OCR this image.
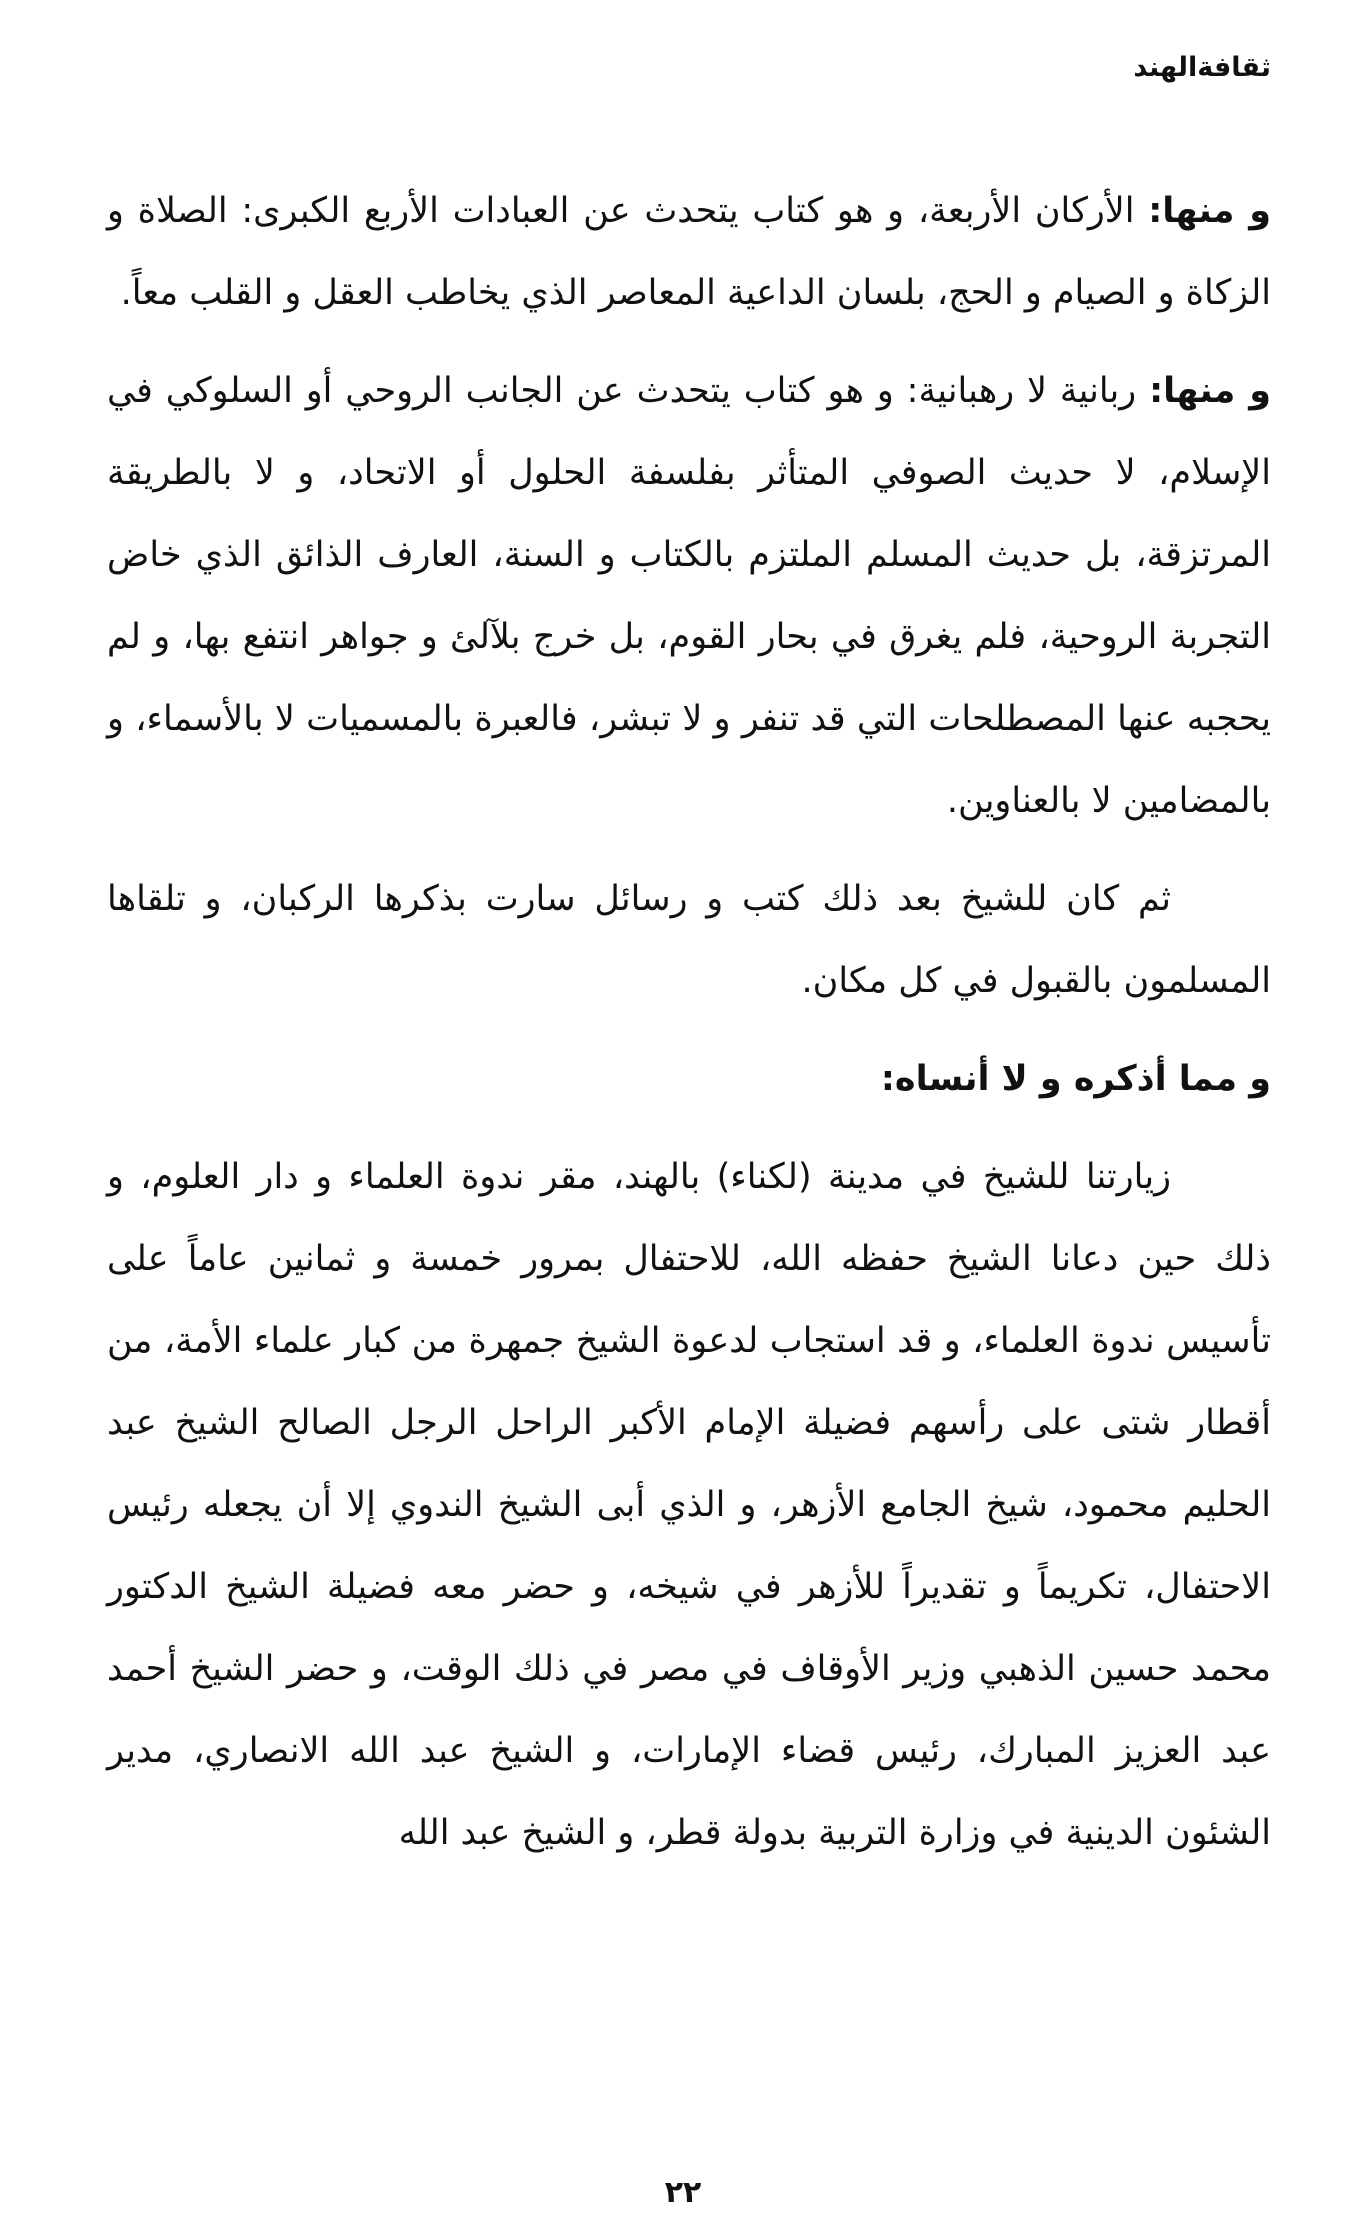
ثقافةالهند

و منها: الأركان الأربعة، و هو كتاب يتحدث عن العبادات الأربع الكبرى: الصلاة و الزكاة و الصيام و الحج، بلسان الداعية المعاصر الذي يخاطب العقل و القلب معاً.

و منها: ربانية لا رهبانية: و هو كتاب يتحدث عن الجانب الروحي أو السلوكي في الإسلام، لا حديث الصوفي المتأثر بفلسفة الحلول أو الاتحاد، و لا بالطريقة المرتزقة، بل حديث المسلم الملتزم بالكتاب و السنة، العارف الذائق الذي خاض التجربة الروحية، فلم يغرق في بحار القوم، بل خرج بلآلئ و جواهر انتفع بها، و لم يحجبه عنها المصطلحات التي قد تنفر و لا تبشر، فالعبرة بالمسميات لا بالأسماء، و بالمضامين لا بالعناوين.

ثم كان للشيخ بعد ذلك كتب و رسائل سارت بذكرها الركبان، و تلقاها المسلمون بالقبول في كل مكان.

و مما أذكره و لا أنساه:

زيارتنا للشيخ في مدينة (لكناء) بالهند، مقر ندوة العلماء و دار العلوم، و ذلك حين دعانا الشيخ حفظه الله، للاحتفال بمرور خمسة و ثمانين عاماً على تأسيس ندوة العلماء، و قد استجاب لدعوة الشيخ جمهرة من كبار علماء الأمة، من أقطار شتى على رأسهم فضيلة الإمام الأكبر الراحل الرجل الصالح الشيخ عبد الحليم محمود، شيخ الجامع الأزهر، و الذي أبى الشيخ الندوي إلا أن يجعله رئيس الاحتفال، تكريماً و تقديراً للأزهر في شيخه، و حضر معه فضيلة الشيخ الدكتور محمد حسين الذهبي وزير الأوقاف في مصر في ذلك الوقت، و حضر الشيخ أحمد عبد العزيز المبارك، رئيس قضاء الإمارات، و الشيخ عبد الله الانصاري، مدير الشئون الدينية في وزارة التربية بدولة قطر، و الشيخ عبد الله

٢٢
